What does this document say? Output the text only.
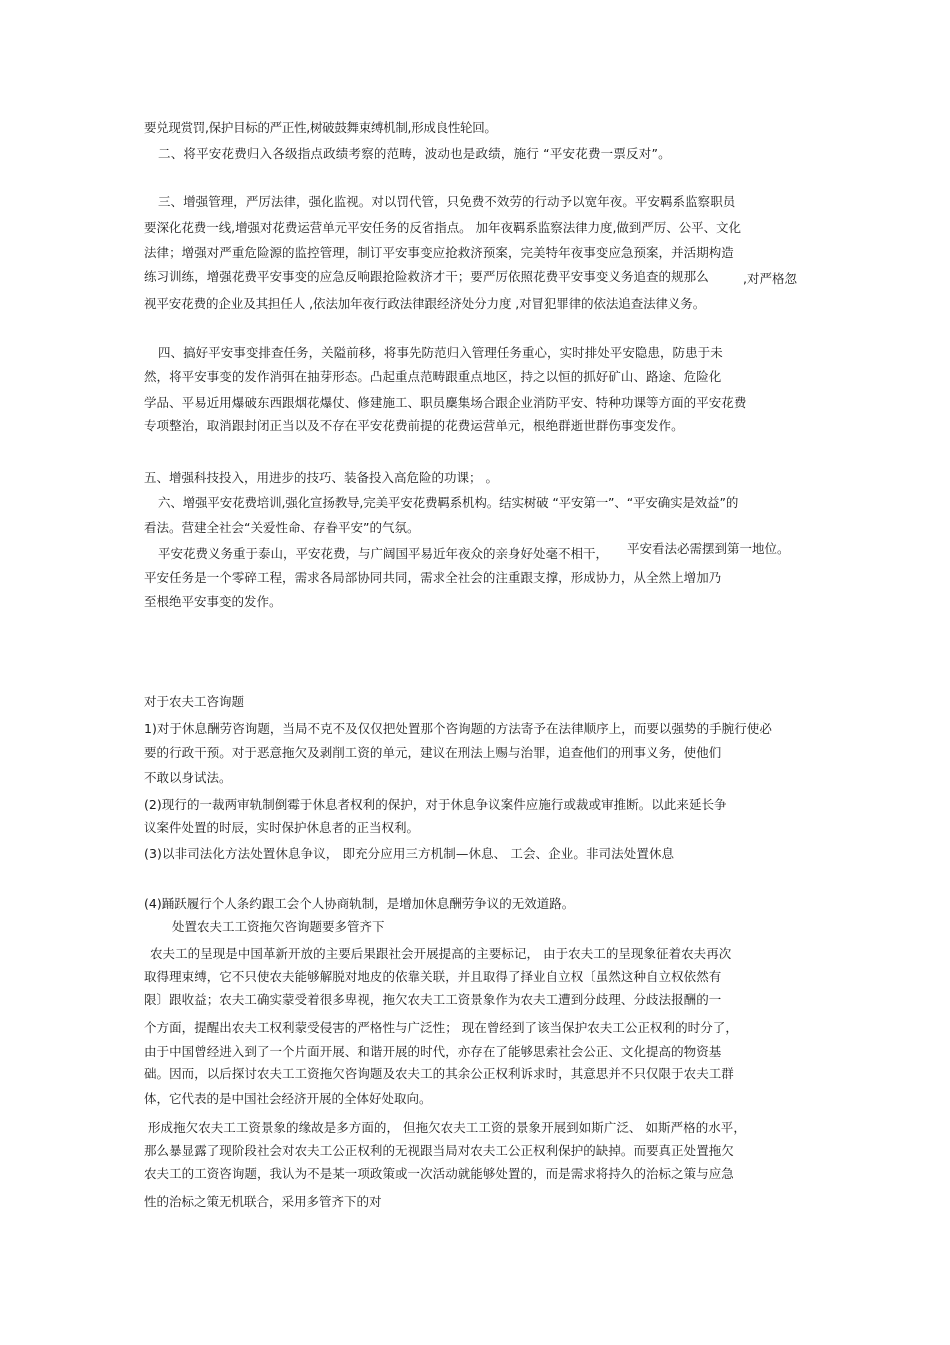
要兑现赏罚,保护目标的严正性,树破鼓舞束缚机制,形成良性轮回。
二、将平安花费归入各级指点政绩考察的范畴，波动也是政绩，施行 “平安花费一票反对”。
三、增强管理，严厉法律，强化监视。对以罚代管，只免费不效劳的行动予以宽年夜。平安羁系监察职员
要深化花费一线,增强对花费运营单元平安任务的反省指点。 加年夜羁系监察法律力度,做到严厉、公平、文化
法律；增强对严重危险源的监控管理，制订平安事变应抢救济预案，完美特年夜事变应急预案，并活期构造
练习训练，增强花费平安事变的应急反响跟抢险救济才干；要严厉依照花费平安事变义务追查的规那么	,对严格忽
视平安花费的企业及其担任人 ,依法加年夜行政法律跟经济处分力度 ,对冒犯罪律的依法追查法律义务。
四、搞好平安事变排查任务，关隘前移，将事先防范归入管理任务重心，实时排处平安隐患，防患于未
然，将平安事变的发作消弭在抽芽形态。凸起重点范畴跟重点地区，持之以恒的抓好矿山、路途、危险化
学品、平易近用爆破东西跟烟花爆仗、修建施工、职员麇集场合跟企业消防平安、特种功课等方面的平安花费
专项整治，取消跟封闭正当以及不存在平安花费前提的花费运营单元，根绝群逝世群伤事变发作。
五、增强科技投入，用进步的技巧、装备投入高危险的功课； 。
六、增强平安花费培训,强化宣扬教导,完美平安花费羁系机构。结实树破 “平安第一”、“平安确实是效益”的
看法。营建全社会“关爱性命、存眷平安”的气氛。
平安花费义务重于泰山，平安花费，与广阔国平易近年夜众的亲身好处毫不相干， 平安看法必需摆到第一地位。
平安任务是一个零碎工程，需求各局部协同共同，需求全社会的注重跟支撑，形成协力，从全然上增加乃
至根绝平安事变的发作。
对于农夫工咨询题
1)对于休息酬劳咨询题，当局不克不及仅仅把处置那个咨询题的方法寄予在法律顺序上，而要以强势的手腕行使必
要的行政干预。对于恶意拖欠及剥削工资的单元，建议在刑法上赐与治罪，追查他们的刑事义务，使他们
不敢以身试法。
(2)现行的一裁两审轨制倒霉于休息者权利的保护，对于休息争议案件应施行或裁或审推断。以此来延长争
议案件处置的时辰，实时保护休息者的正当权利。
(3)以非司法化方法处置休息争议， 即充分应用三方机制—休息、 工会、企业。非司法处置休息
(4)踊跃履行个人条约跟工会个人协商轨制，是增加休息酬劳争议的无效道路。
处置农夫工工资拖欠咨询题要多管齐下
农夫工的呈现是中国革新开放的主要后果跟社会开展提高的主要标记， 由于农夫工的呈现象征着农夫再次
取得理束缚，它不只使农夫能够解脱对地皮的依靠关联，并且取得了择业自立权〔虽然这种自立权依然有
限〕跟收益；农夫工确实蒙受着很多卑视，拖欠农夫工工资景象作为农夫工遭到分歧理、分歧法报酬的一
个方面，提醒出农夫工权利蒙受侵害的严格性与广泛性； 现在曾经到了该当保护农夫工公正权利的时分了，
由于中国曾经进入到了一个片面开展、和谐开展的时代，亦存在了能够思索社会公正、文化提高的物资基
础。因而，以后探讨农夫工工资拖欠咨询题及农夫工的其余公正权利诉求时，其意思并不只仅限于农夫工群
体，它代表的是中国社会经济开展的全体好处取向。
形成拖欠农夫工工资景象的缘故是多方面的， 但拖欠农夫工工资的景象开展到如斯广泛、 如斯严格的水平，
那么暴显露了现阶段社会对农夫工公正权利的无视跟当局对农夫工公正权利保护的缺掉。而要真正处置拖欠
农夫工的工资咨询题，我认为不是某一项政策或一次活动就能够处置的，而是需求将持久的治标之策与应急
性的治标之策无机联合，采用多管齐下的对
